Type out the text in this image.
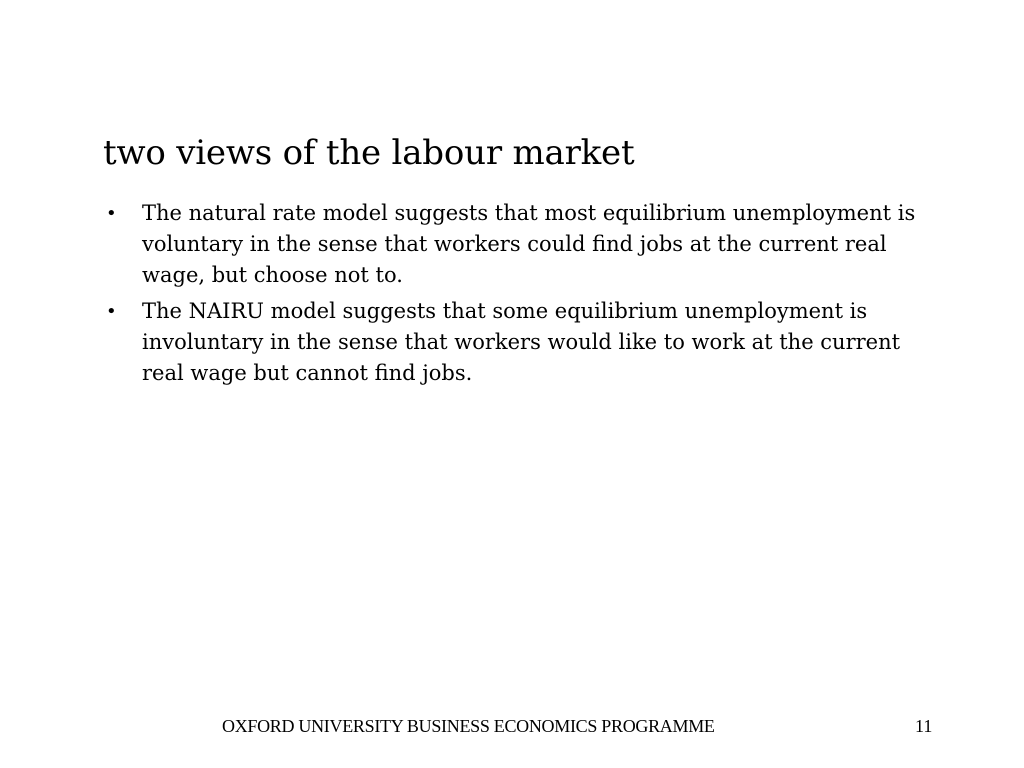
two views of the labour market
• The natural rate model suggests that most equilibrium unemployment is voluntary in the sense that workers could find jobs at the current real wage, but choose not to.
• The NAIRU model suggests that some equilibrium unemployment is involuntary in the sense that workers would like to work at the current real wage but cannot find jobs.
OXFORD UNIVERSITY BUSINESS ECONOMICS PROGRAMME	11
